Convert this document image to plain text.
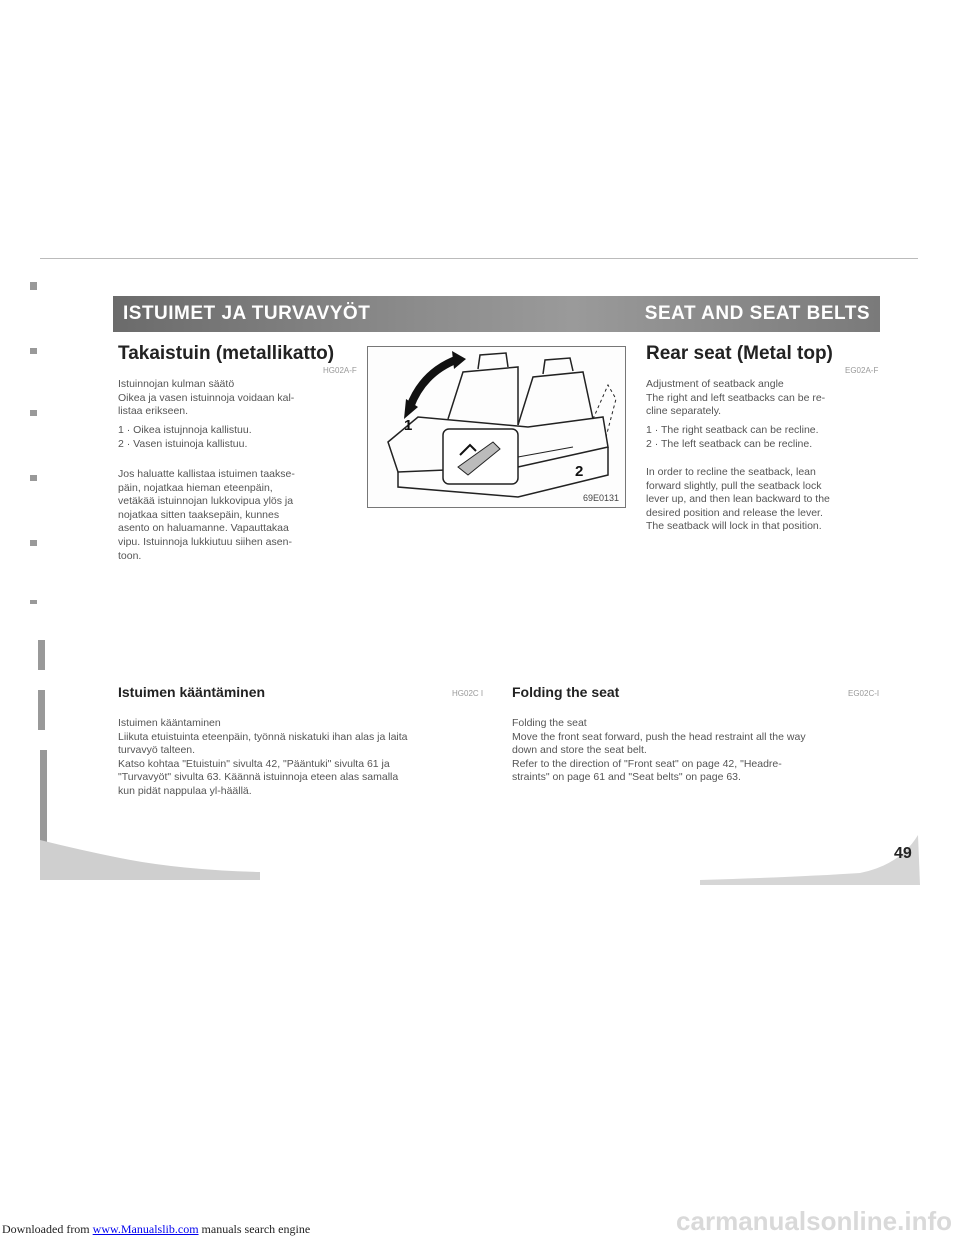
ISTUIMET JA TURVAVYÖT	SEAT AND SEAT BELTS
Takaistuin (metallikatto)
HG02A-F
Istuinnojan kulman säätö
Oikea ja vasen istuinnoja voidaan kal-
listaa erikseen.
1 · Oikea istujnnoja kallistuu.
2 · Vasen istuinoja kallistuu.
Jos haluatte kallistaa istuimen taakse-
päin, nojatkaa hieman eteenpäin,
vetäkää istuinnojan lukkovipua ylös ja
nojatkaa sitten taaksepäin, kunnes
asento on haluamanne. Vapauttakaa
vipu. Istuinnoja lukkiutuu siihen asen-
toon.
1
2
69E0131
Rear seat (Metal top)
EG02A-F
Adjustment of seatback angle
The right and left seatbacks can be re-
cline separately.
1 · The right seatback can be recline.
2 · The left seatback can be recline.
In order to recline the seatback, lean
forward slightly, pull the seatback lock
lever up, and then lean backward to the
desired position and release the lever.
The seatback will lock in that position.
Istuimen kääntäminen	HG02C I
Istuimen kääntaminen
Liikuta etuistuinta eteenpäin, työnnä niskatuki ihan alas ja laita
turvavyö talteen.
Katso kohtaa "Etuistuin" sivulta 42, "Pääntuki" sivulta 61 ja
"Turvavyöt" sivulta 63. Käännä istuinnoja eteen alas samalla
kun pidät nappulaa yl-häällä.
Folding the seat	EG02C-I
Folding the seat
Move the front seat forward, push the head restraint all the way
down and store the seat belt.
Refer to the direction of "Front seat" on page 42, "Headre-
straints" on page 61 and "Seat belts" on page 63.
49
carmanualsonline.info
Downloaded from www.Manualslib.com manuals search engine
